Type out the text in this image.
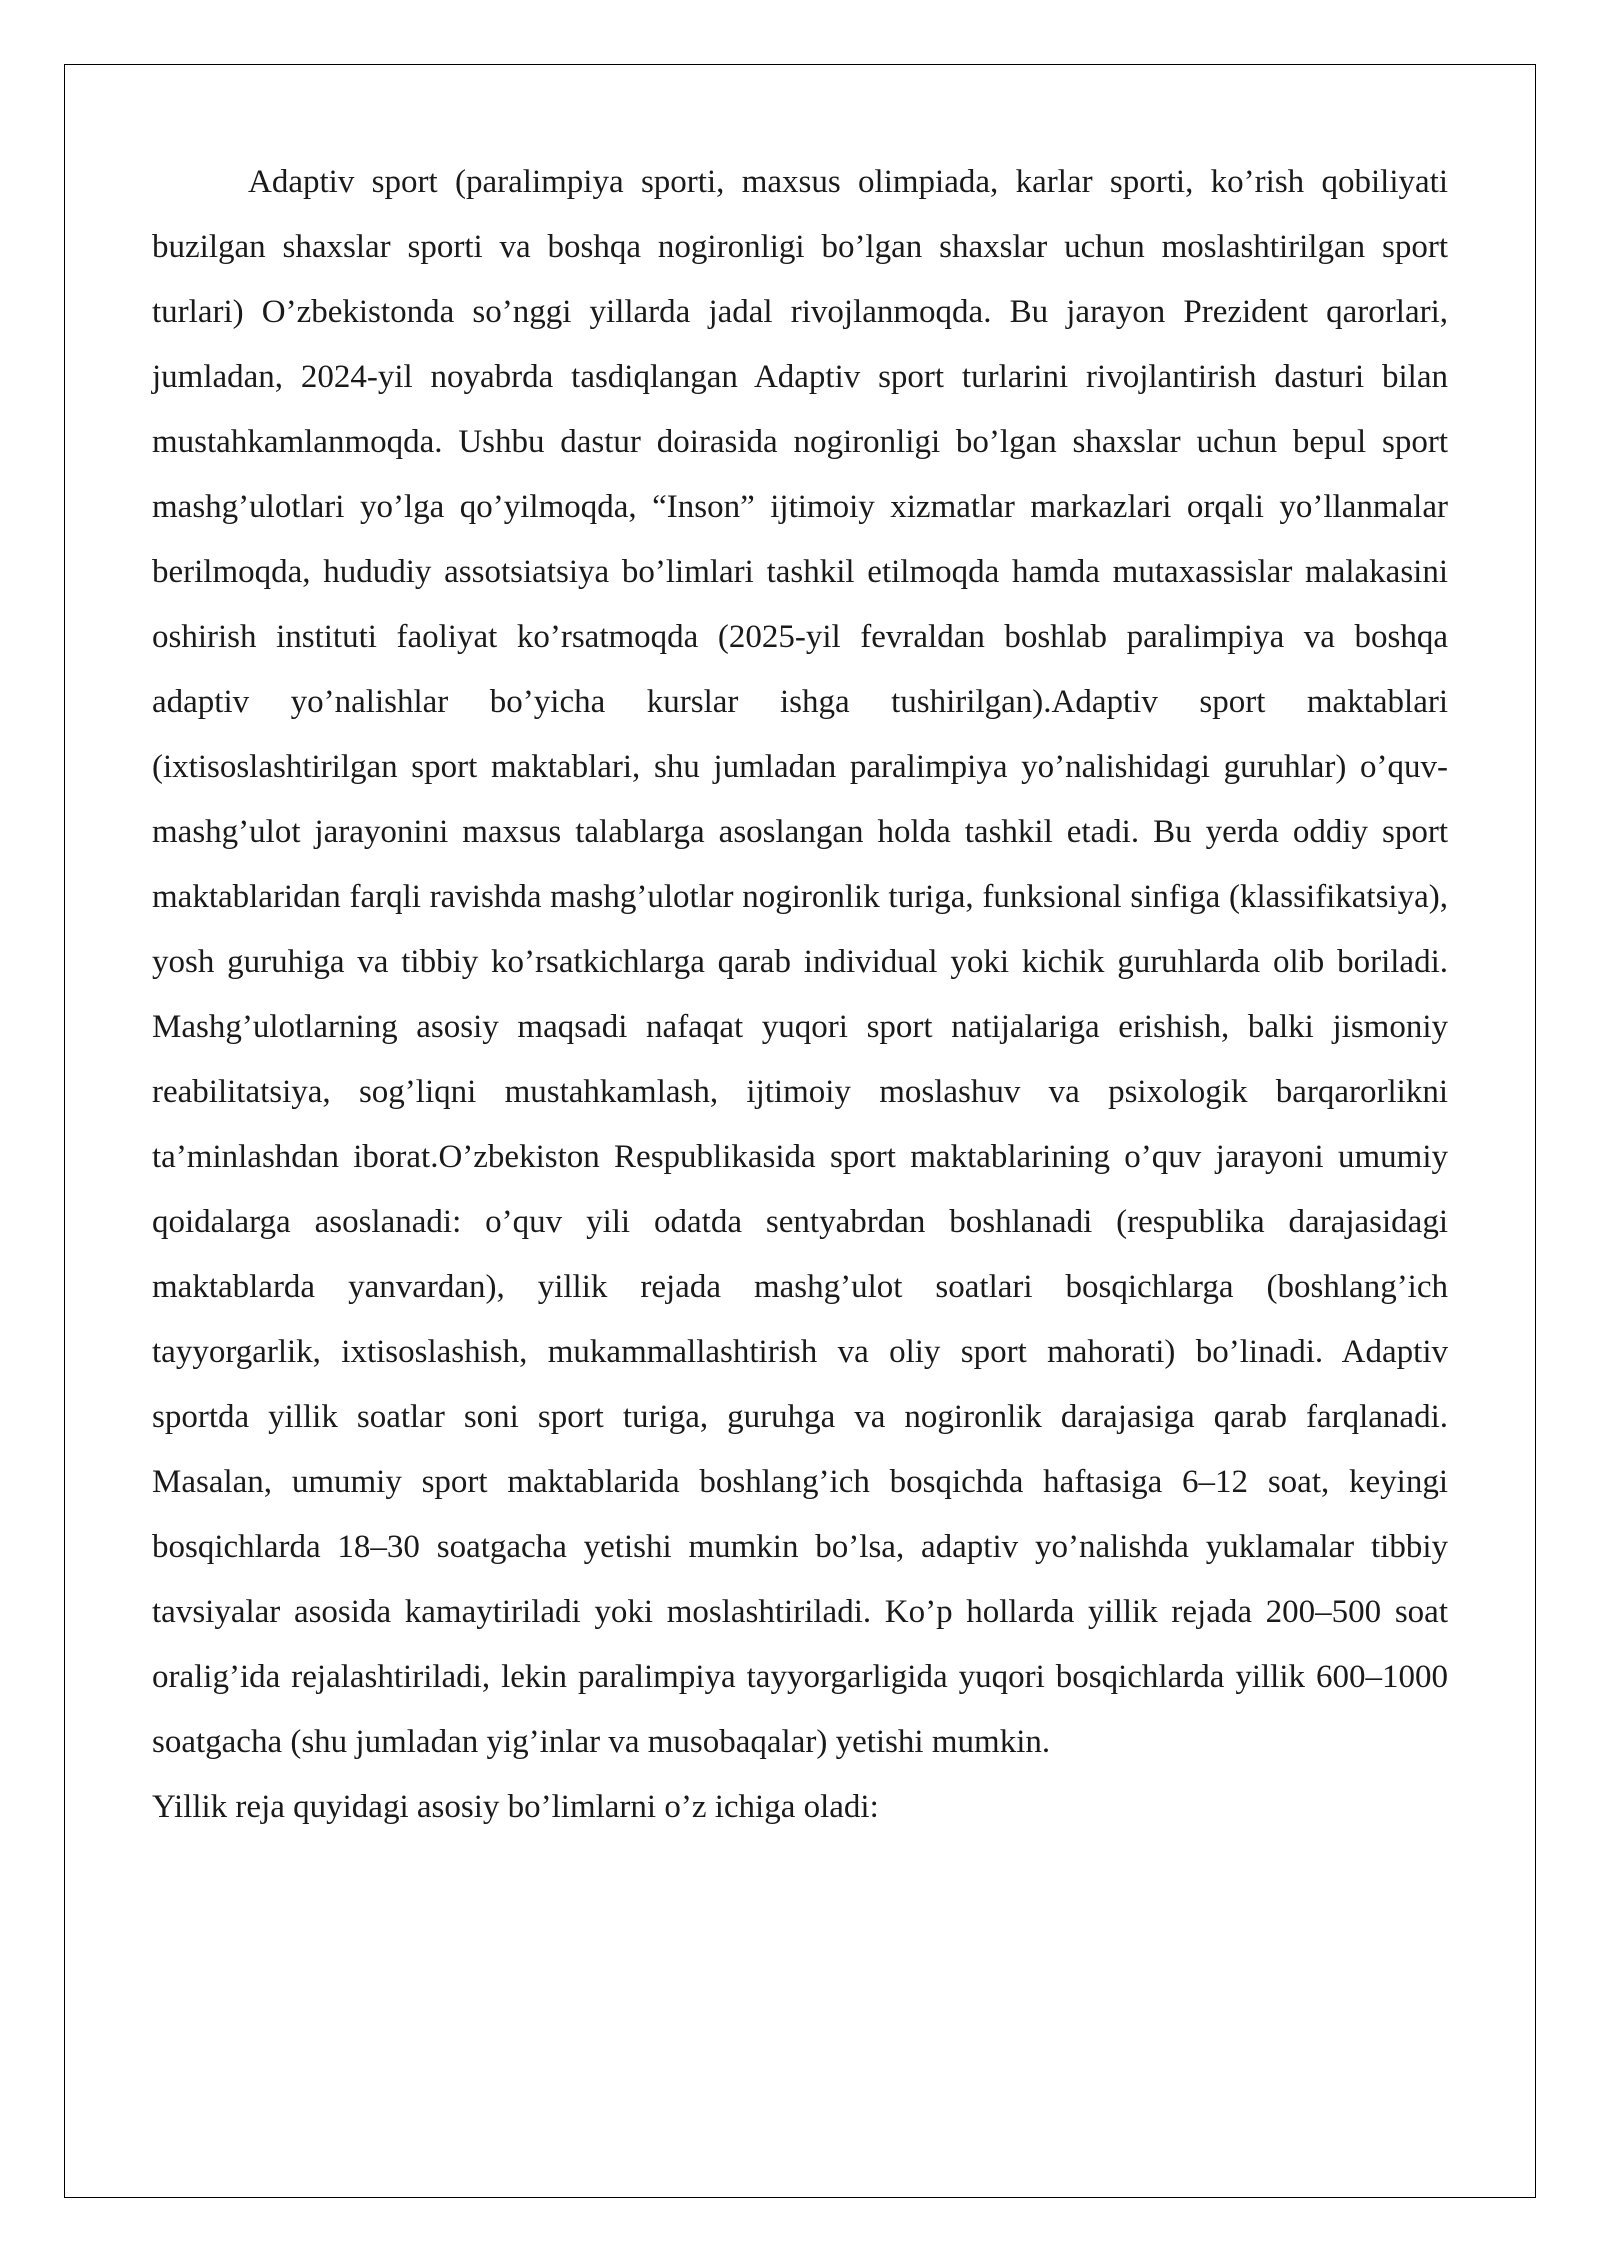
Adaptiv sport (paralimpiya sporti, maxsus olimpiada, karlar sporti, ko’rish qobiliyati buzilgan shaxslar sporti va boshqa nogironligi bo’lgan shaxslar uchun moslashtirilgan sport turlari) O’zbekistonda so’nggi yillarda jadal rivojlanmoqda. Bu jarayon Prezident qarorlari, jumladan, 2024-yil noyabrda tasdiqlangan Adaptiv sport turlarini rivojlantirish dasturi bilan mustahkamlanmoqda. Ushbu dastur doirasida nogironligi bo’lgan shaxslar uchun bepul sport mashg’ulotlari yo’lga qo’yilmoqda, “Inson” ijtimoiy xizmatlar markazlari orqali yo’llanmalar berilmoqda, hududiy assotsiatsiya bo’limlari tashkil etilmoqda hamda mutaxassislar malakasini oshirish instituti faoliyat ko’rsatmoqda (2025-yil fevraldan boshlab paralimpiya va boshqa adaptiv yo’nalishlar bo’yicha kurslar ishga tushirilgan).Adaptiv sport maktablari (ixtisoslashtirilgan sport maktablari, shu jumladan paralimpiya yo’nalishidagi guruhlar) o’quv-mashg’ulot jarayonini maxsus talablarga asoslangan holda tashkil etadi. Bu yerda oddiy sport maktablaridan farqli ravishda mashg’ulotlar nogironlik turiga, funksional sinfiga (klassifikatsiya), yosh guruhiga va tibbiy ko’rsatkichlarga qarab individual yoki kichik guruhlarda olib boriladi. Mashg’ulotlarning asosiy maqsadi nafaqat yuqori sport natijalariga erishish, balki jismoniy reabilitatsiya, sog’liqni mustahkamlash, ijtimoiy moslashuv va psixologik barqarorlikni ta’minlashdan iborat.O’zbekiston Respublikasida sport maktablarining o’quv jarayoni umumiy qoidalarga asoslanadi: o’quv yili odatda sentyabrdan boshlanadi (respublika darajasidagi maktablarda yanvardan), yillik rejada mashg’ulot soatlari bosqichlarga (boshlang’ich tayyorgarlik, ixtisoslashish, mukammallashtirish va oliy sport mahorati) bo’linadi. Adaptiv sportda yillik soatlar soni sport turiga, guruhga va nogironlik darajasiga qarab farqlanadi. Masalan, umumiy sport maktablarida boshlang’ich bosqichda haftasiga 6–12 soat, keyingi bosqichlarda 18–30 soatgacha yetishi mumkin bo’lsa, adaptiv yo’nalishda yuklamalar tibbiy tavsiyalar asosida kamaytiriladi yoki moslashtiriladi. Ko’p hollarda yillik rejada 200–500 soat oralig’ida rejalashtiriladi, lekin paralimpiya tayyorgarligida yuqori bosqichlarda yillik 600–1000 soatgacha (shu jumladan yig’inlar va musobaqalar) yetishi mumkin.

Yillik reja quyidagi asosiy bo’limlarni o’z ichiga oladi:
